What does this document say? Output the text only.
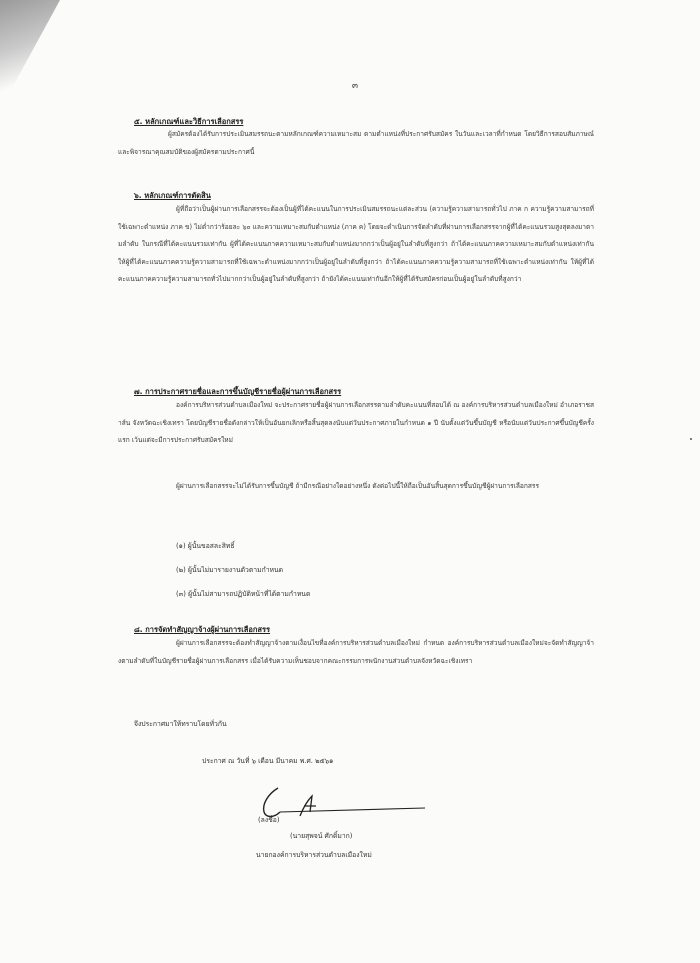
๓
๕. หลักเกณฑ์และวิธีการเลือกสรร
ผู้สมัครต้องได้รับการประเมินสมรรถนะตามหลักเกณฑ์ความเหมาะสม ตามตำแหน่งที่ประกาศรับสมัคร ในวันและเวลาที่กำหนด โดยวิธีการสอบสัมภาษณ์และพิจารณาคุณสมบัติของผู้สมัครตามประกาศนี้
๖. หลักเกณฑ์การตัดสิน
ผู้ที่ถือว่าเป็นผู้ผ่านการเลือกสรรจะต้องเป็นผู้ที่ได้คะแนนในการประเมินสมรรถนะแต่ละส่วน (ความรู้ความสามารถทั่วไป ภาค ก ความรู้ความสามารถที่ใช้เฉพาะตำแหน่ง ภาค ข) ไม่ต่ำกว่าร้อยละ ๖๐ และความเหมาะสมกับตำแหน่ง (ภาค ค) โดยจะดำเนินการจัดลำดับที่ผ่านการเลือกสรรจากผู้ที่ได้คะแนนรวมสูงสุดลงมาตามลำดับ ในกรณีที่ได้คะแนนรวมเท่ากัน ผู้ที่ได้คะแนนภาคความเหมาะสมกับตำแหน่งมากกว่าเป็นผู้อยู่ในลำดับที่สูงกว่า ถ้าได้คะแนนภาคความเหมาะสมกับตำแหน่งเท่ากัน ให้ผู้ที่ได้คะแนนภาคความรู้ความสามารถที่ใช้เฉพาะตำแหน่งมากกว่าเป็นผู้อยู่ในลำดับที่สูงกว่า ถ้าได้คะแนนภาคความรู้ความสามารถที่ใช้เฉพาะตำแหน่งเท่ากัน ให้ผู้ที่ได้คะแนนภาคความรู้ความสามารถทั่วไปมากกว่าเป็นผู้อยู่ในลำดับที่สูงกว่า ถ้ายังได้คะแนนเท่ากันอีกให้ผู้ที่ได้รับสมัครก่อนเป็นผู้อยู่ในลำดับที่สูงกว่า
๗. การประกาศรายชื่อและการขึ้นบัญชีรายชื่อผู้ผ่านการเลือกสรร
องค์การบริหารส่วนตำบลเมืองใหม่ จะประกาศรายชื่อผู้ผ่านการเลือกสรรตามลำดับคะแนนที่สอบได้ ณ องค์การบริหารส่วนตำบลเมืองใหม่ อำเภอราชสาส์น จังหวัดฉะเชิงเทรา โดยบัญชีรายชื่อดังกล่าวให้เป็นอันยกเลิกหรือสิ้นสุดลงนับแต่วันประกาศภายในกำหนด ๑ ปี นับตั้งแต่วันขึ้นบัญชี หรือนับแต่วันประกาศขึ้นบัญชีครั้งแรก เว้นแต่จะมีการประกาศรับสมัครใหม่
ผู้ผ่านการเลือกสรรจะไม่ได้รับการขึ้นบัญชี ถ้ามีกรณีอย่างใดอย่างหนึ่ง ดังต่อไปนี้ให้ถือเป็นอันสิ้นสุดการขึ้นบัญชีผู้ผ่านการเลือกสรร
(๑) ผู้นั้นขอสละสิทธิ์
(๒) ผู้นั้นไม่มารายงานตัวตามกำหนด
(๓) ผู้นั้นไม่สามารถปฏิบัติหน้าที่ได้ตามกำหนด
๘. การจัดทำสัญญาจ้างผู้ผ่านการเลือกสรร
ผู้ผ่านการเลือกสรรจะต้องทำสัญญาจ้างตามเงื่อนไขที่องค์การบริหารส่วนตำบลเมืองใหม่ กำหนด องค์การบริหารส่วนตำบลเมืองใหม่จะจัดทำสัญญาจ้างตามลำดับที่ในบัญชีรายชื่อผู้ผ่านการเลือกสรร เมื่อได้รับความเห็นชอบจากคณะกรรมการพนักงานส่วนตำบลจังหวัดฉะเชิงเทรา
จึงประกาศมาให้ทราบโดยทั่วกัน
ประกาศ ณ วันที่ ๖ เดือน มีนาคม พ.ศ. ๒๕๖๑
(ลงชื่อ)
(นายสุพจน์ ศักดิ์มาก)
นายกองค์การบริหารส่วนตำบลเมืองใหม่
